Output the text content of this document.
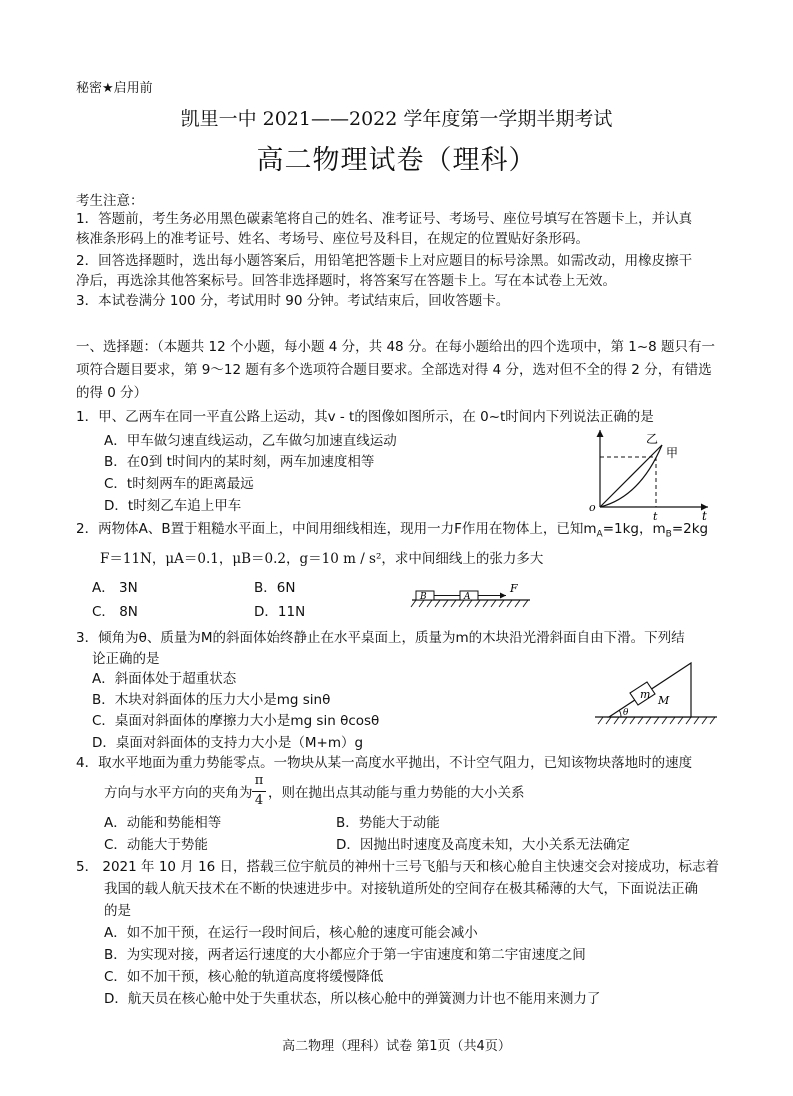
秘密★启用前
凯里一中 2021——2022 学年度第一学期半期考试
高二物理试卷（理科）
考生注意：
1．答题前，考生务必用黑色碳素笔将自己的姓名、准考证号、考场号、座位号填写在答题卡上，并认真
核准条形码上的准考证号、姓名、考场号、座位号及科目，在规定的位置贴好条形码。
2．回答选择题时，选出每小题答案后，用铅笔把答题卡上对应题目的标号涂黑。如需改动，用橡皮擦干
净后，再选涂其他答案标号。回答非选择题时，将答案写在答题卡上。写在本试卷上无效。
3．本试卷满分 100 分，考试用时 90 分钟。考试结束后，回收答题卡。
一、选择题：（本题共 12 个小题，每小题 4 分，共 48 分。在每小题给出的四个选项中，第 1~8 题只有一
项符合题目要求，第 9～12 题有多个选项符合题目要求。全部选对得 4 分，选对但不全的得 2 分，有错选
的得 0 分）
1．甲、乙两车在同一平直公路上运动，其v - t的图像如图所示，在 0~t时间内下列说法正确的是
A．甲车做匀速直线运动，乙车做匀加速直线运动
B．在0到 t时间内的某时刻，两车加速度相等
C．t时刻两车的距离最远
D．t时刻乙车追上甲车
乙
甲
o
t	t
2．两物体A、B置于粗糙水平面上，中间用细线相连，现用一力F作用在物体上，已知$m_A=1kg$，$m_B=2kg$
F＝11N，μA＝0.1，μB＝0.2，g＝10 m / s²，求中间细线上的张力多大
A． 3N	B．6N
C． 8N	D．11N
B	A
F
3．倾角为θ、质量为M的斜面体始终静止在水平桌面上，质量为m的木块沿光滑斜面自由下滑。下列结
论正确的是
A．斜面体处于超重状态
B．木块对斜面体的压力大小是mg sinθ
C．桌面对斜面体的摩擦力大小是mg sin θcosθ
D．桌面对斜面体的支持力大小是（M+m）g
m M
θ
4．取水平地面为重力势能零点。一物块从某一高度水平抛出，不计空气阻力，已知该物块落地时的速度
方向与水平方向的夹角为
π
4 ，则在抛出点其动能与重力势能的大小关系
A．动能和势能相等	B．势能大于动能
C．动能大于势能	D．因抛出时速度及高度未知，大小关系无法确定
5． 2021 年 10 月 16 日，搭载三位宇航员的神州十三号飞船与天和核心舱自主快速交会对接成功，标志着
我国的载人航天技术在不断的快速进步中。对接轨道所处的空间存在极其稀薄的大气，下面说法正确
的是
A．如不加干预，在运行一段时间后，核心舱的速度可能会减小
B．为实现对接，两者运行速度的大小都应介于第一宇宙速度和第二宇宙速度之间
C．如不加干预，核心舱的轨道高度将缓慢降低
D．航天员在核心舱中处于失重状态，所以核心舱中的弹簧测力计也不能用来测力了
高二物理（理科）试卷 第1页（共4页）
